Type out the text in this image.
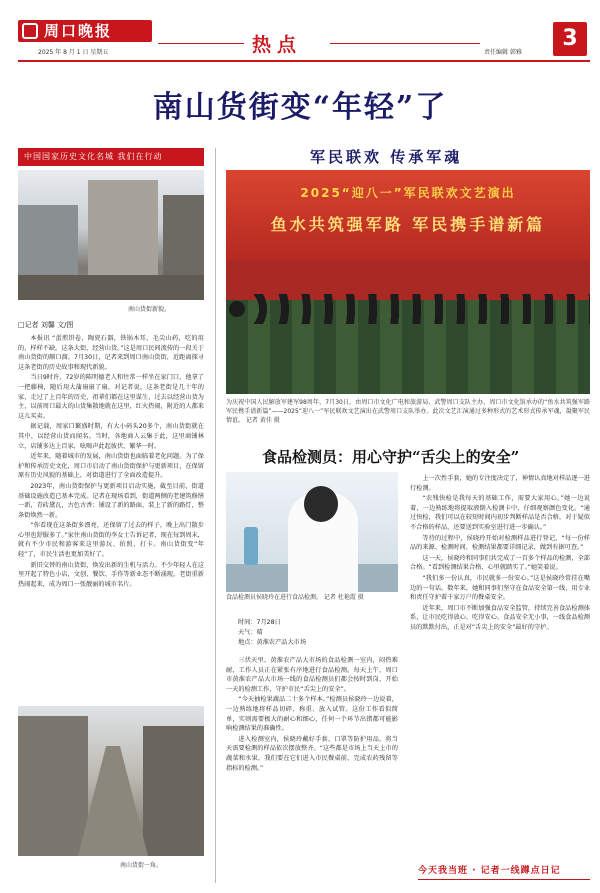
周口晚报
2025 年 8 月 1 日 星期五	热点	责任编辑 韩雅
3
南山货街变“年轻”了
中国国家历史文化名城 我们在行动
南山货街新貌。
□记者 刘馨 文/图

本报讯 “蛋煎饼卷，陶瓷石器，铁锅木耳，毛尖山药，吃的用的，样样不缺。这条大街，经营山货。”这是周口民间流传的一段关于南山货街的顺口溜。7月30日，记者来到周口南山货街，近距离探寻这条老街的历史故事和现代新貌。

当日9时许，72岁的陈明德老人和往常一样坐在家门口，他拿了一把藤椅，随后用大蒲扇扇了扇，对记者说，这条老街是几十年的家，走过了上百年的历史，祖辈们都在这里谋生，过去以经营山货为主，以前周口最大的山货集散地就在这里，红火热闹，附近的人都来这儿买卖。

据记载，周家口繁盛时期，有大小码头20多个，南山货街就在其中，以经营山货而闻名。当时，各地商人云集于此，这里商铺林立，店铺多达上百家，吆喝声此起彼伏，繁华一时。

近年来，随着城市的发展，南山货街也面临着老化问题。为了保护和传承历史文化，周口市启动了南山货街保护与更新项目，在保留原有历史风貌的基础上，对街道进行了全面改造提升。

2023年，南山货街保护与更新项目启动实施，截至目前，街道基础设施改造已基本完成。记者在现场看到，街道两侧的老建筑修缮一新，青砖黛瓦，古色古香；铺设了新的路面，装上了新的路灯，整条街焕然一新。

“你看现在这条街多漂亮，还保留了过去的样子，晚上出门散步心里也舒服多了。”家住南山货街的李女士告诉记者，现在每到周末，就有不少市民和游客来这里游玩、拍照、打卡。南山货街变“年轻”了，市民生活也更加美好了。

新旧交替的南山货街，焕发出新的生机与活力。不少年轻人在这里开起了特色小店，文创、餐饮、手作等新业态不断涌现，老街重新热闹起来，成为周口一张靓丽的城市名片。

南山货街一角。
军民联欢 传承军魂
2025“迎八一”军民联欢文艺演出
鱼水共筑强军路 军民携手谱新篇
为庆祝中国人民解放军建军98周年，7月30日，由周口市文化广电和旅游局、武警周口支队主办，周口市文化馆承办的“鱼水共筑强军路 军民携手谱新篇”——2025“迎八一”军民联欢文艺演出在武警周口支队举办。此次文艺汇演通过多种形式的艺术形式传承军魂，凝聚军民情谊。 记者 黄佳 摄
食品检测员：用心守护“舌尖上的安全”
食品检测员侯晓玲在进行食品检测。 记者 杜艳霞 摄
时间：7月28日
天气：晴
地点：黄淮农产品大市场

三伏天里，黄淮农产品大市场的食品检测一室内，闷热难耐，工作人员正在紧张有序地进行食品检测。每天上午，周口市黄淮农产品大市场一线的食品检测员们都会按时到岗，开始一天的检测工作，守护市民“舌尖上的安全”。

“今天抽检果蔬品二十多个样本。”检测员侯晓玲一边说着，一边熟练地将样品切碎、称重、放入试管。这份工作看似简单，实则需要极大的耐心和细心，任何一个环节出错都可能影响检测结果的准确性。

进入检测室内，侯晓玲戴好手套、口罩等防护用品，将当天需要检测的样品依次摆放整齐。“这些都是市场上当天上市的蔬菜和水果，我们要在它们进入市民餐桌前，完成农药残留等指标的检测。”

上一次性手套，她的专注度决定了，神情认真地对样品逐一进行检测。

“农残快检是我每天的基础工作，需要大家用心。”她一边说着，一边熟练地将提取液倒入检测卡中，仔细观察颜色变化。“通过快检，我们可以在较短时间内初步判断样品是否合格，对于疑似不合格的样品，还要送到实验室进行进一步确认。”

等待的过程中，侯晓玲开始对检测样品进行登记，“每一份样品的来源、检测时间、检测结果都要详细记录，做到有据可查。”

这一天，侯晓玲和同事们共完成了一百多个样品的检测，全部合格。“看到检测结果合格，心里就踏实了。”她笑着说。

“我们多一份认真，市民就多一份安心。”这是侯晓玲常挂在嘴边的一句话。数年来，她和同事们坚守在食品安全第一线，用专业和责任守护着千家万户的餐桌安全。

近年来，周口市不断加强食品安全监管，持续完善食品检测体系，让市民吃得放心、吃得安心。食品安全无小事，一线食品检测员的默默付出，正是对“舌尖上的安全”最好的守护。

今天我当班 · 记者一线蹲点日记
